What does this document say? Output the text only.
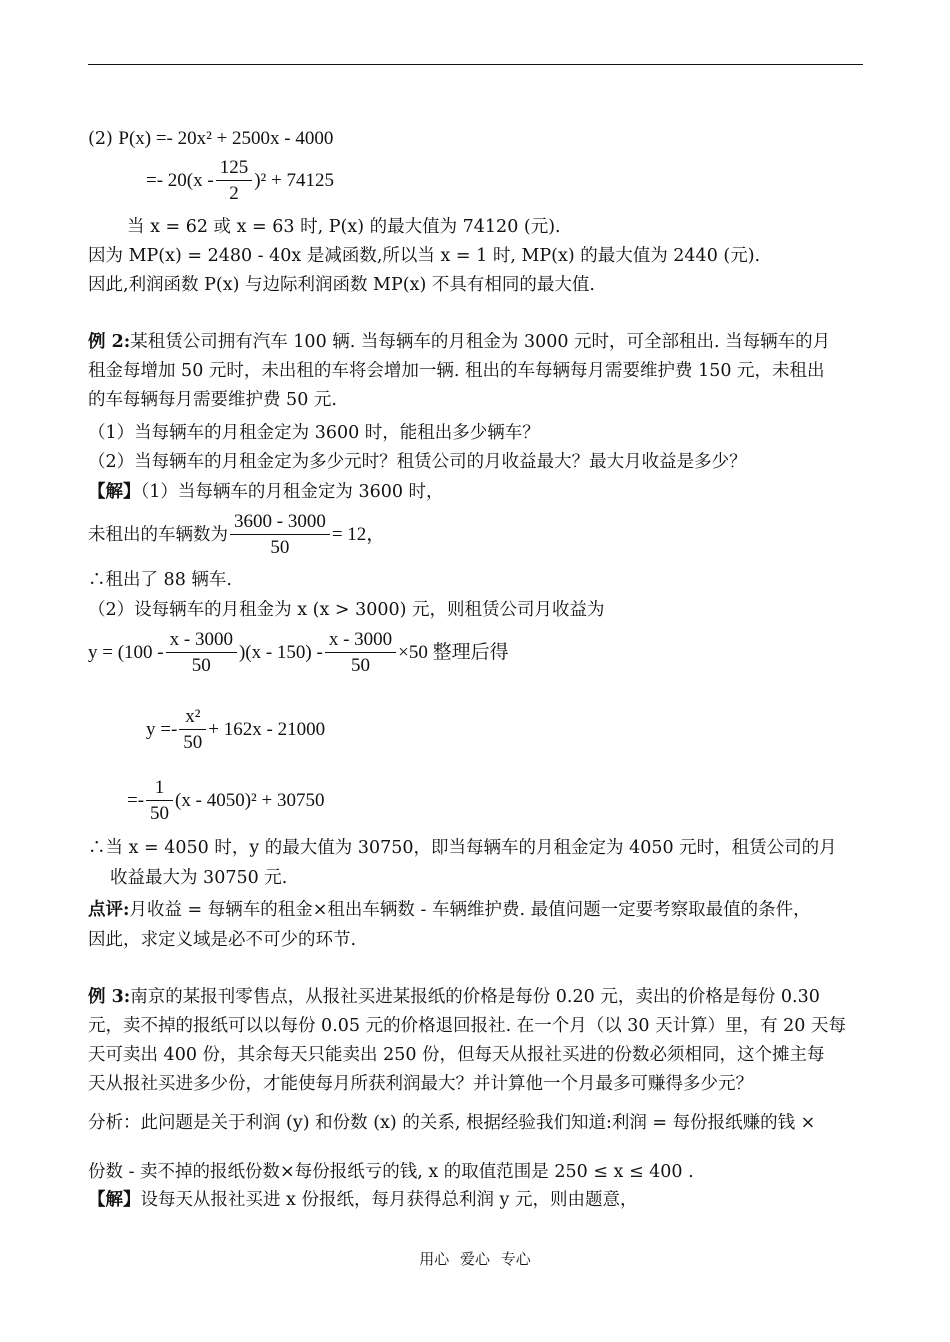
(2) P(x) =- 20x² + 2500x - 4000
=- $20(x - \frac{125}{2} )^2 + 74125$
当 x = 62 或 x = 63 时, P(x) 的最大值为 74120 (元).
因为 MP(x) = 2480 - 40x 是减函数,所以当 x = 1 时, MP(x) 的最大值为 2440 (元).
因此,利润函数 P(x) 与边际利润函数 MP(x) 不具有相同的最大值.
例 2:某租赁公司拥有汽车 100 辆. 当每辆车的月租金为 3000 元时，可全部租出. 当每辆车的月
租金每增加 50 元时，未出租的车将会增加一辆. 租出的车每辆每月需要维护费 150 元，未租出
的车每辆每月需要维护费 50 元.
（1）当每辆车的月租金定为 3600 时，能租出多少辆车？
（2）当每辆车的月租金定为多少元时？租赁公司的月收益最大？最大月收益是多少？
【解】（1）当每辆车的月租金定为 3600 时，
未租出的车辆数为 $\frac{3600 - 3000}{50} = 12$，
∴租出了 88 辆车.
（2）设每辆车的月租金为 x (x > 3000) 元，则租赁公司月收益为
$y = (100 - \frac{x - 3000}{50} )(x - 150) - \frac{x - 3000}{50} \times 50$ 整理后得
$y =- \frac{\text{x²}}{50} + 162x - 21000$
=- $\frac{1}{50} (x - 4050)^2 + 30750$
∴当 x = 4050 时，y 的最大值为 30750，即当每辆车的月租金定为 4050 元时，租赁公司的月
收益最大为 30750 元.
点评:月收益 = 每辆车的租金×租出车辆数 - 车辆维护费. 最值问题一定要考察取最值的条件，
因此，求定义域是必不可少的环节.
例 3:南京的某报刊零售点，从报社买进某报纸的价格是每份 0.20 元，卖出的价格是每份 0.30
元，卖不掉的报纸可以以每份 0.05 元的价格退回报社. 在一个月（以 30 天计算）里，有 20 天每
天可卖出 400 份，其余每天只能卖出 250 份，但每天从报社买进的份数必须相同，这个摊主每
天从报社买进多少份，才能使每月所获利润最大？并计算他一个月最多可赚得多少元？
分析：此问题是关于利润 (y) 和份数 (x) 的关系, 根据经验我们知道:利润 = 每份报纸赚的钱 ×
份数 - 卖不掉的报纸份数×每份报纸亏的钱, x 的取值范围是 250 ≤ x ≤ 400 .
【解】设每天从报社买进 x 份报纸，每月获得总利润 y 元，则由题意，
用心 爱心 专心
